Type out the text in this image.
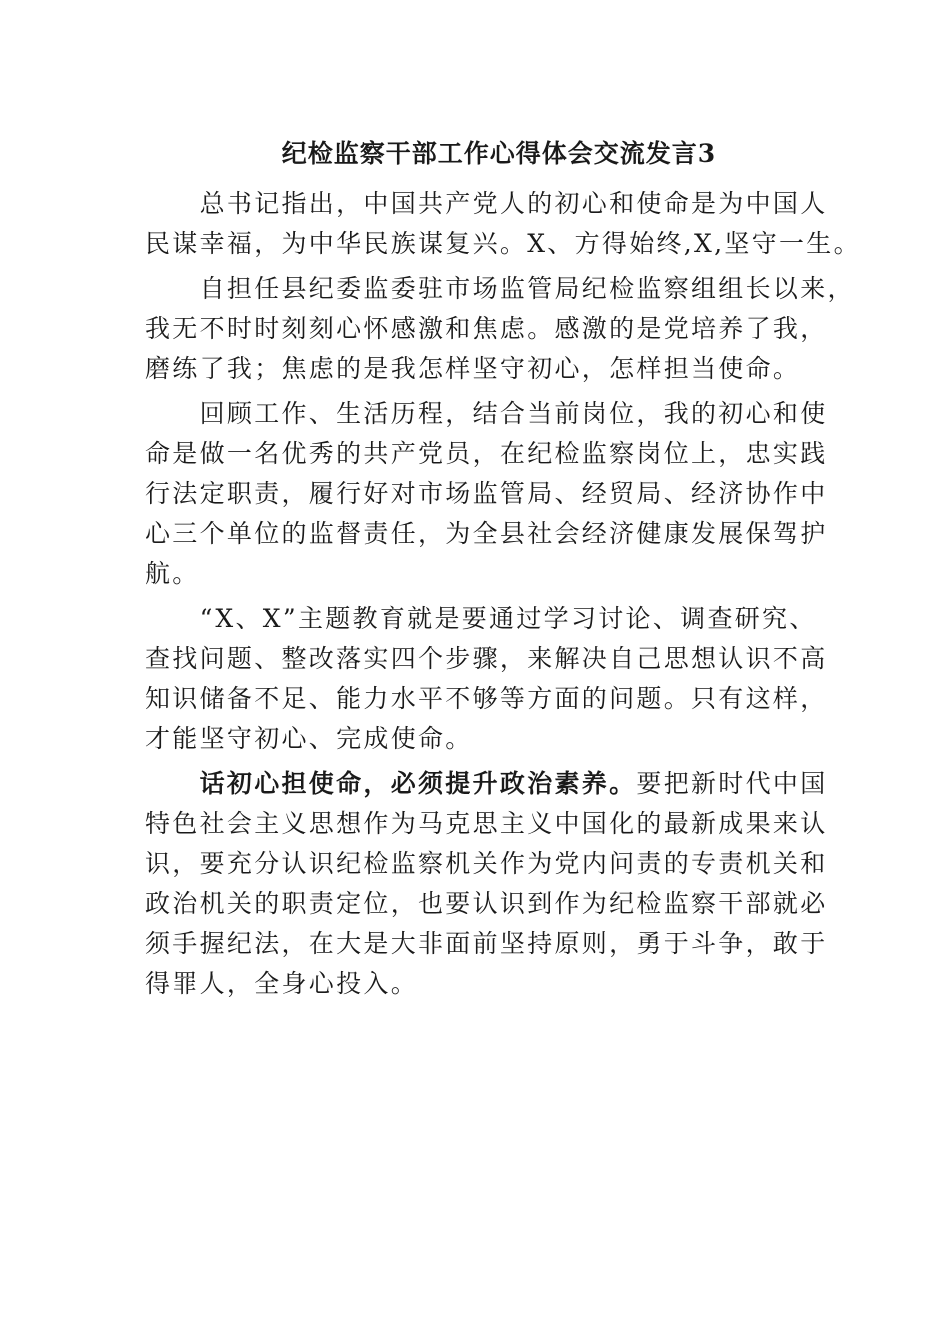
纪检监察干部工作心得体会交流发言3
　　总书记指出，中国共产党人的初心和使命是为中国人
民谋幸福，为中华民族谋复兴。X、方得始终,X,坚守一生。
　　自担任县纪委监委驻市场监管局纪检监察组组长以来，
我无不时时刻刻心怀感激和焦虑。感激的是党培养了我，
磨练了我；焦虑的是我怎样坚守初心，怎样担当使命。
　　回顾工作、生活历程，结合当前岗位，我的初心和使
命是做一名优秀的共产党员，在纪检监察岗位上，忠实践
行法定职责，履行好对市场监管局、经贸局、经济协作中
心三个单位的监督责任，为全县社会经济健康发展保驾护
航。
　　“X、X”主题教育就是要通过学习讨论、调查研究、
查找问题、整改落实四个步骤，来解决自己思想认识不高
知识储备不足、能力水平不够等方面的问题。只有这样，
才能坚守初心、完成使命。
　　话初心担使命，必须提升政治素养。要把新时代中国
特色社会主义思想作为马克思主义中国化的最新成果来认
识，要充分认识纪检监察机关作为党内问责的专责机关和
政治机关的职责定位，也要认识到作为纪检监察干部就必
须手握纪法，在大是大非面前坚持原则，勇于斗争，敢于
得罪人，全身心投入。
